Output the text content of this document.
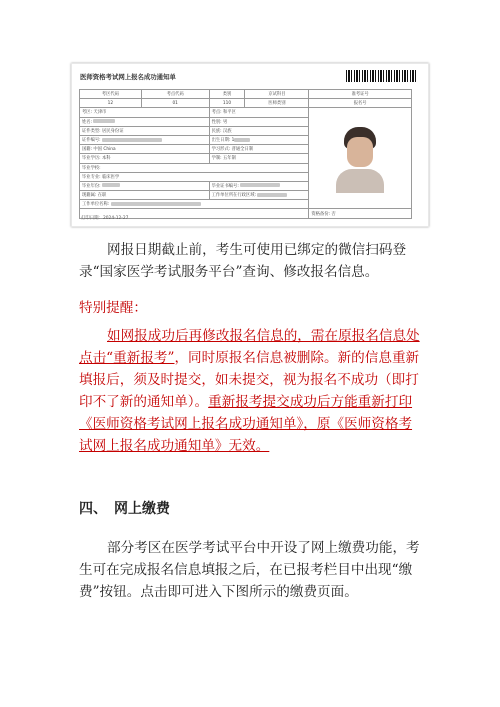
医师资格考试网上报名成功通知单
考区代码	考点代码	类别	京试科目	准考证号
12	01	110	医师类别	报名号
考区: 天津市		考点: 和平区		

姓名:		性别: 男		
证件类型: 居民身份证		民族: 汉族		
证件编号:		出生日期: 1		
国籍: 中国 China		学习形式: 普通全日制		
毕业学历: 本科		学制: 五年制		
毕业学校:				
毕业专业: 临床医学				
毕业年份:		毕业证书编号:		
现籍属: 在职		工作单位所在行政区域:		
工作单位名称:				
				资格备份: 否
打印日期：2024-12-27

网报日期截止前，考生可使用已绑定的微信扫码登录“国家医学考试服务平台”查询、修改报名信息。

特别提醒：

如网报成功后再修改报名信息的，需在原报名信息处点击“重新报考”，同时原报名信息被删除。新的信息重新填报后，须及时提交，如未提交，视为报名不成功（即打印不了新的通知单）。重新报考提交成功后方能重新打印《医师资格考试网上报名成功通知单》，原《医师资格考试网上报名成功通知单》无效。

四、　网上缴费

部分考区在医学考试平台中开设了网上缴费功能，考生可在完成报名信息填报之后，在已报考栏目中出现“缴费”按钮。点击即可进入下图所示的缴费页面。
